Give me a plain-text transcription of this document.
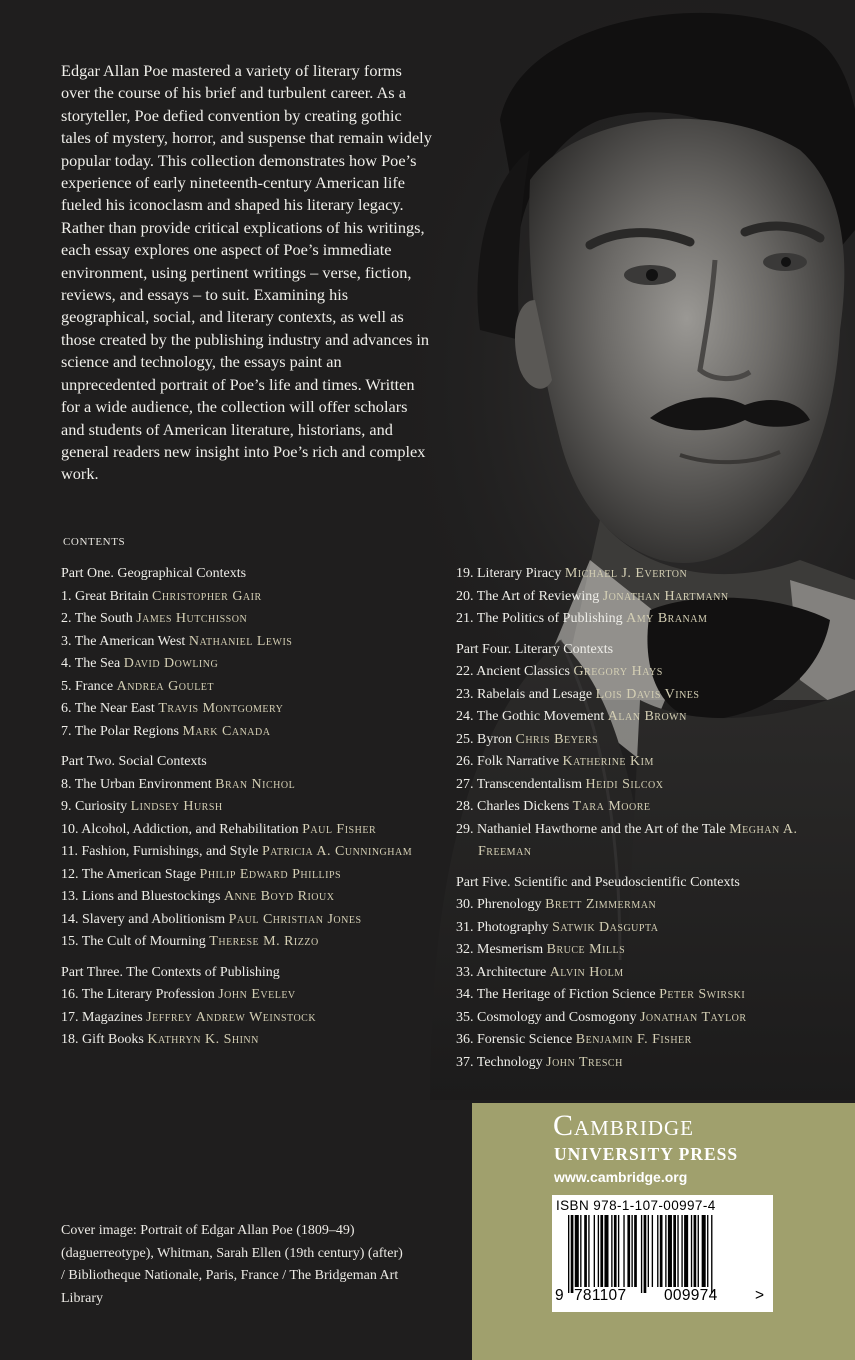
Edgar Allan Poe mastered a variety of literary forms over the course of his brief and turbulent career. As a storyteller, Poe defied convention by creating gothic tales of mystery, horror, and suspense that remain widely popular today. This collection demonstrates how Poe’s experience of early nineteenth-century American life fueled his iconoclasm and shaped his literary legacy. Rather than provide critical explications of his writings, each essay explores one aspect of Poe’s immediate environment, using pertinent writings – verse, fiction, reviews, and essays – to suit. Examining his geographical, social, and literary contexts, as well as those created by the publishing industry and advances in science and technology, the essays paint an unprecedented portrait of Poe’s life and times. Written for a wide audience, the collection will offer scholars and students of American literature, historians, and general readers new insight into Poe’s rich and complex work.

CONTENTS
Part One. Geographical Contexts
1. Great Britain Christopher Gair
2. The South James Hutchisson
3. The American West Nathaniel Lewis
4. The Sea David Dowling
5. France Andrea Goulet
6. The Near East Travis Montgomery
7. The Polar Regions Mark Canada
Part Two. Social Contexts
8. The Urban Environment Bran Nichol
9. Curiosity Lindsey Hursh
10. Alcohol, Addiction, and Rehabilitation Paul Fisher
11. Fashion, Furnishings, and Style Patricia A. Cunningham
12. The American Stage Philip Edward Phillips
13. Lions and Bluestockings Anne Boyd Rioux
14. Slavery and Abolitionism Paul Christian Jones
15. The Cult of Mourning Therese M. Rizzo
Part Three. The Contexts of Publishing
16. The Literary Profession John Evelev
17. Magazines Jeffrey Andrew Weinstock
18. Gift Books Kathryn K. Shinn
19. Literary Piracy Michael J. Everton
20. The Art of Reviewing Jonathan Hartmann
21. The Politics of Publishing Amy Branam
Part Four. Literary Contexts
22. Ancient Classics Gregory Hays
23. Rabelais and Lesage Lois Davis Vines
24. The Gothic Movement Alan Brown
25. Byron Chris Beyers
26. Folk Narrative Katherine Kim
27. Transcendentalism Heidi Silcox
28. Charles Dickens Tara Moore
29. Nathaniel Hawthorne and the Art of the Tale Meghan A. Freeman
Part Five. Scientific and Pseudoscientific Contexts
30. Phrenology Brett Zimmerman
31. Photography Satwik Dasgupta
32. Mesmerism Bruce Mills
33. Architecture Alvin Holm
34. The Heritage of Fiction Science Peter Swirski
35. Cosmology and Cosmogony Jonathan Taylor
36. Forensic Science Benjamin F. Fisher
37. Technology John Tresch
Cover image: Portrait of Edgar Allan Poe (1809–49) (daguerreotype), Whitman, Sarah Ellen (19th century) (after) / Bibliotheque Nationale, Paris, France / The Bridgeman Art Library
Cambridge
UNIVERSITY PRESS
www.cambridge.org
ISBN 978-1-107-00997-4
9 781107 009974 >
